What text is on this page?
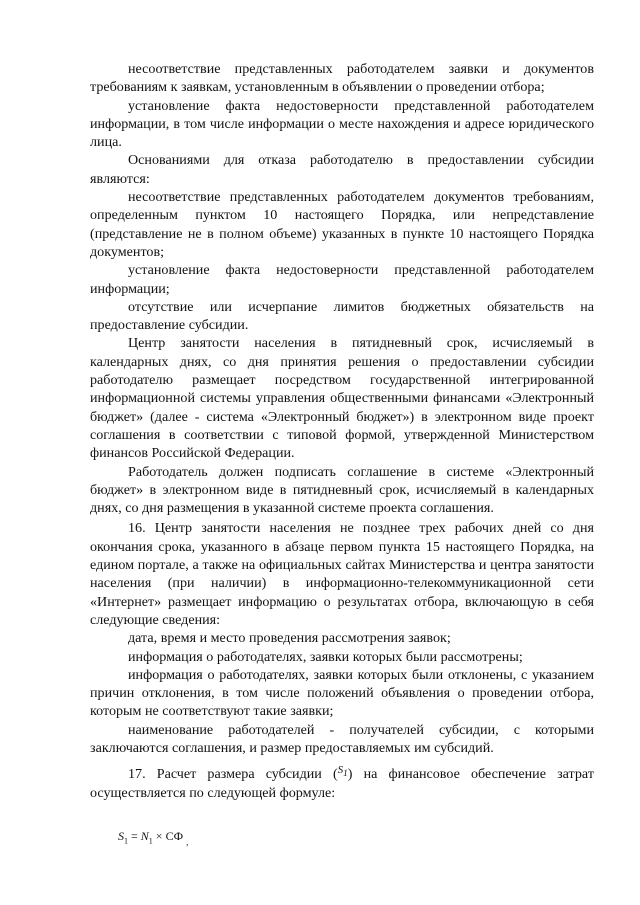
несоответствие представленных работодателем заявки и документов требованиям к заявкам, установленным в объявлении о проведении отбора;

установление факта недостоверности представленной работодателем информации, в том числе информации о месте нахождения и адресе юридического лица.

Основаниями для отказа работодателю в предоставлении субсидии являются:

несоответствие представленных работодателем документов требованиям, определенным пунктом 10 настоящего Порядка, или непредставление (представление не в полном объеме) указанных в пункте 10 настоящего Порядка документов;

установление факта недостоверности представленной работодателем информации;

отсутствие или исчерпание лимитов бюджетных обязательств на предоставление субсидии.

Центр занятости населения в пятидневный срок, исчисляемый в календарных днях, со дня принятия решения о предоставлении субсидии работодателю размещает посредством государственной интегрированной информационной системы управления общественными финансами «Электронный бюджет» (далее - система «Электронный бюджет») в электронном виде проект соглашения в соответствии с типовой формой, утвержденной Министерством финансов Российской Федерации.

Работодатель должен подписать соглашение в системе «Электронный бюджет» в электронном виде в пятидневный срок, исчисляемый в календарных днях, со дня размещения в указанной системе проекта соглашения.

16. Центр занятости населения не позднее трех рабочих дней со дня окончания срока, указанного в абзаце первом пункта 15 настоящего Порядка, на едином портале, а также на официальных сайтах Министерства и центра занятости населения (при наличии) в информационно-телекоммуникационной сети «Интернет» размещает информацию о результатах отбора, включающую в себя следующие сведения:

дата, время и место проведения рассмотрения заявок;

информация о работодателях, заявки которых были рассмотрены;

информация о работодателях, заявки которых были отклонены, с указанием причин отклонения, в том числе положений объявления о проведении отбора, которым не соответствуют такие заявки;

наименование работодателей - получателей субсидии, с которыми заключаются соглашения, и размер предоставляемых им субсидий.

17. Расчет размера субсидии ($^{S_1}$) на финансовое обеспечение затрат осуществляется по следующей формуле:

$S_1 = N_1$ × СФ $_,$
